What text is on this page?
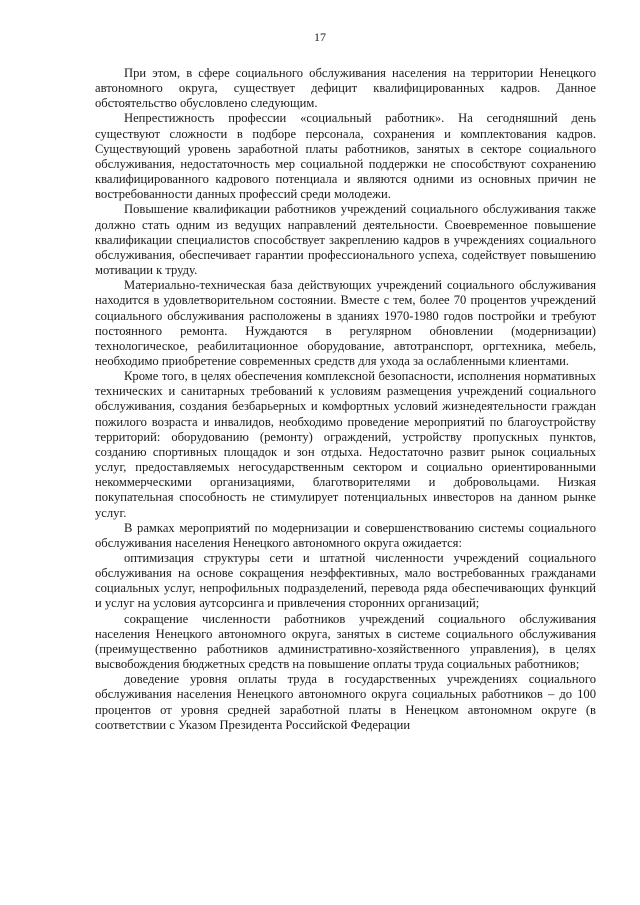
17

При этом, в сфере социального обслуживания населения на территории Ненецкого автономного округа, существует дефицит квалифицированных кадров. Данное обстоятельство обусловлено следующим.

Непрестижность профессии «социальный работник». На сегодняшний день существуют сложности в подборе персонала, сохранения и комплектования кадров. Существующий уровень заработной платы работников, занятых в секторе социального обслуживания, недостаточность мер социальной поддержки не способствуют сохранению квалифицированного кадрового потенциала и являются одними из основных причин не востребованности данных профессий среди молодежи.

Повышение квалификации работников учреждений социального обслуживания также должно стать одним из ведущих направлений деятельности. Своевременное повышение квалификации специалистов способствует закреплению кадров в учреждениях социального обслуживания, обеспечивает гарантии профессионального успеха, содействует повышению мотивации к труду.

Материально-техническая база действующих учреждений социального обслуживания находится в удовлетворительном состоянии. Вместе с тем, более 70 процентов учреждений социального обслуживания расположены в зданиях 1970-1980 годов постройки и требуют постоянного ремонта. Нуждаются в регулярном обновлении (модернизации) технологическое, реабилитационное оборудование, автотранспорт, оргтехника, мебель, необходимо приобретение современных средств для ухода за ослабленными клиентами.

Кроме того, в целях обеспечения комплексной безопасности, исполнения нормативных технических и санитарных требований к условиям размещения учреждений социального обслуживания, создания безбарьерных и комфортных условий жизнедеятельности граждан пожилого возраста и инвалидов, необходимо проведение мероприятий по благоустройству территорий: оборудованию (ремонту) ограждений, устройству пропускных пунктов, созданию спортивных площадок и зон отдыха. Недостаточно развит рынок социальных услуг, предоставляемых негосударственным сектором и социально ориентированными некоммерческими организациями, благотворителями и добровольцами. Низкая покупательная способность не стимулирует потенциальных инвесторов на данном рынке услуг.

В рамках мероприятий по модернизации и совершенствованию системы социального обслуживания населения Ненецкого автономного округа ожидается:

оптимизация структуры сети и штатной численности учреждений социального обслуживания на основе сокращения неэффективных, мало востребованных гражданами социальных услуг, непрофильных подразделений, перевода ряда обеспечивающих функций и услуг на условия аутсорсинга и привлечения сторонних организаций;

сокращение численности работников учреждений социального обслуживания населения Ненецкого автономного округа, занятых в системе социального обслуживания (преимущественно работников административно-хозяйственного управления), в целях высвобождения бюджетных средств на повышение оплаты труда социальных работников;

доведение уровня оплаты труда в государственных учреждениях социального обслуживания населения Ненецкого автономного округа социальных работников – до 100 процентов от уровня средней заработной платы в Ненецком автономном округе (в соответствии с Указом Президента Российской Федерации
